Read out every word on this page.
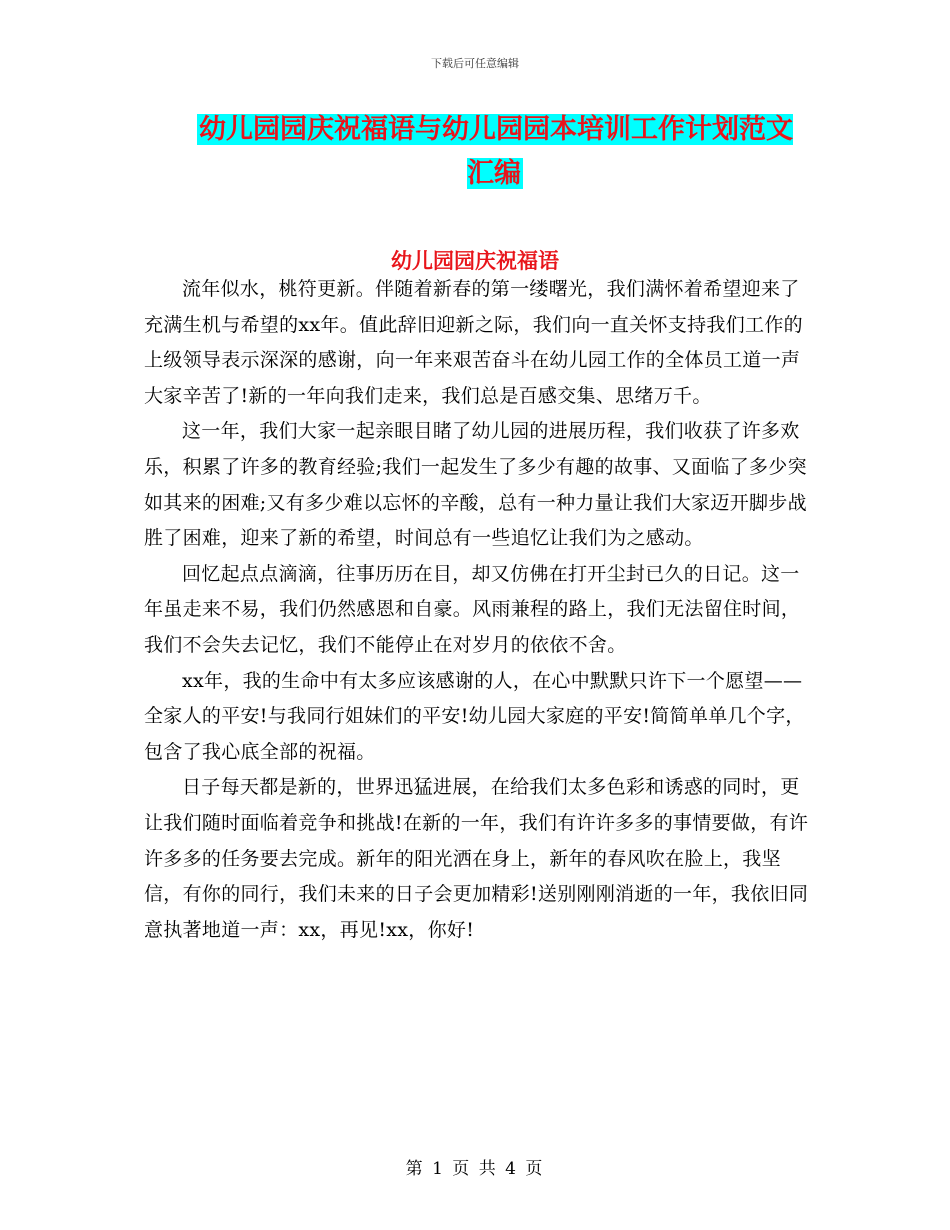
下载后可任意编辑
幼儿园园庆祝福语与幼儿园园本培训工作计划范文汇编
幼儿园园庆祝福语

流年似水，桃符更新。伴随着新春的第一缕曙光，我们满怀着希望迎来了充满生机与希望的xx年。值此辞旧迎新之际，我们向一直关怀支持我们工作的上级领导表示深深的感谢，向一年来艰苦奋斗在幼儿园工作的全体员工道一声大家辛苦了!新的一年向我们走来，我们总是百感交集、思绪万千。

这一年，我们大家一起亲眼目睹了幼儿园的进展历程，我们收获了许多欢乐，积累了许多的教育经验;我们一起发生了多少有趣的故事、又面临了多少突如其来的困难;又有多少难以忘怀的辛酸，总有一种力量让我们大家迈开脚步战胜了困难，迎来了新的希望，时间总有一些追忆让我们为之感动。

回忆起点点滴滴，往事历历在目，却又仿佛在打开尘封已久的日记。这一年虽走来不易，我们仍然感恩和自豪。风雨兼程的路上，我们无法留住时间，我们不会失去记忆，我们不能停止在对岁月的依依不舍。

xx年，我的生命中有太多应该感谢的人，在心中默默只许下一个愿望——全家人的平安!与我同行姐妹们的平安!幼儿园大家庭的平安!简简单单几个字，包含了我心底全部的祝福。

日子每天都是新的，世界迅猛进展，在给我们太多色彩和诱惑的同时，更让我们随时面临着竞争和挑战!在新的一年，我们有许许多多的事情要做，有许许多多的任务要去完成。新年的阳光洒在身上，新年的春风吹在脸上，我坚信，有你的同行，我们未来的日子会更加精彩!送别刚刚消逝的一年，我依旧同意执著地道一声：xx，再见!xx，你好!

第 1 页 共 4 页
